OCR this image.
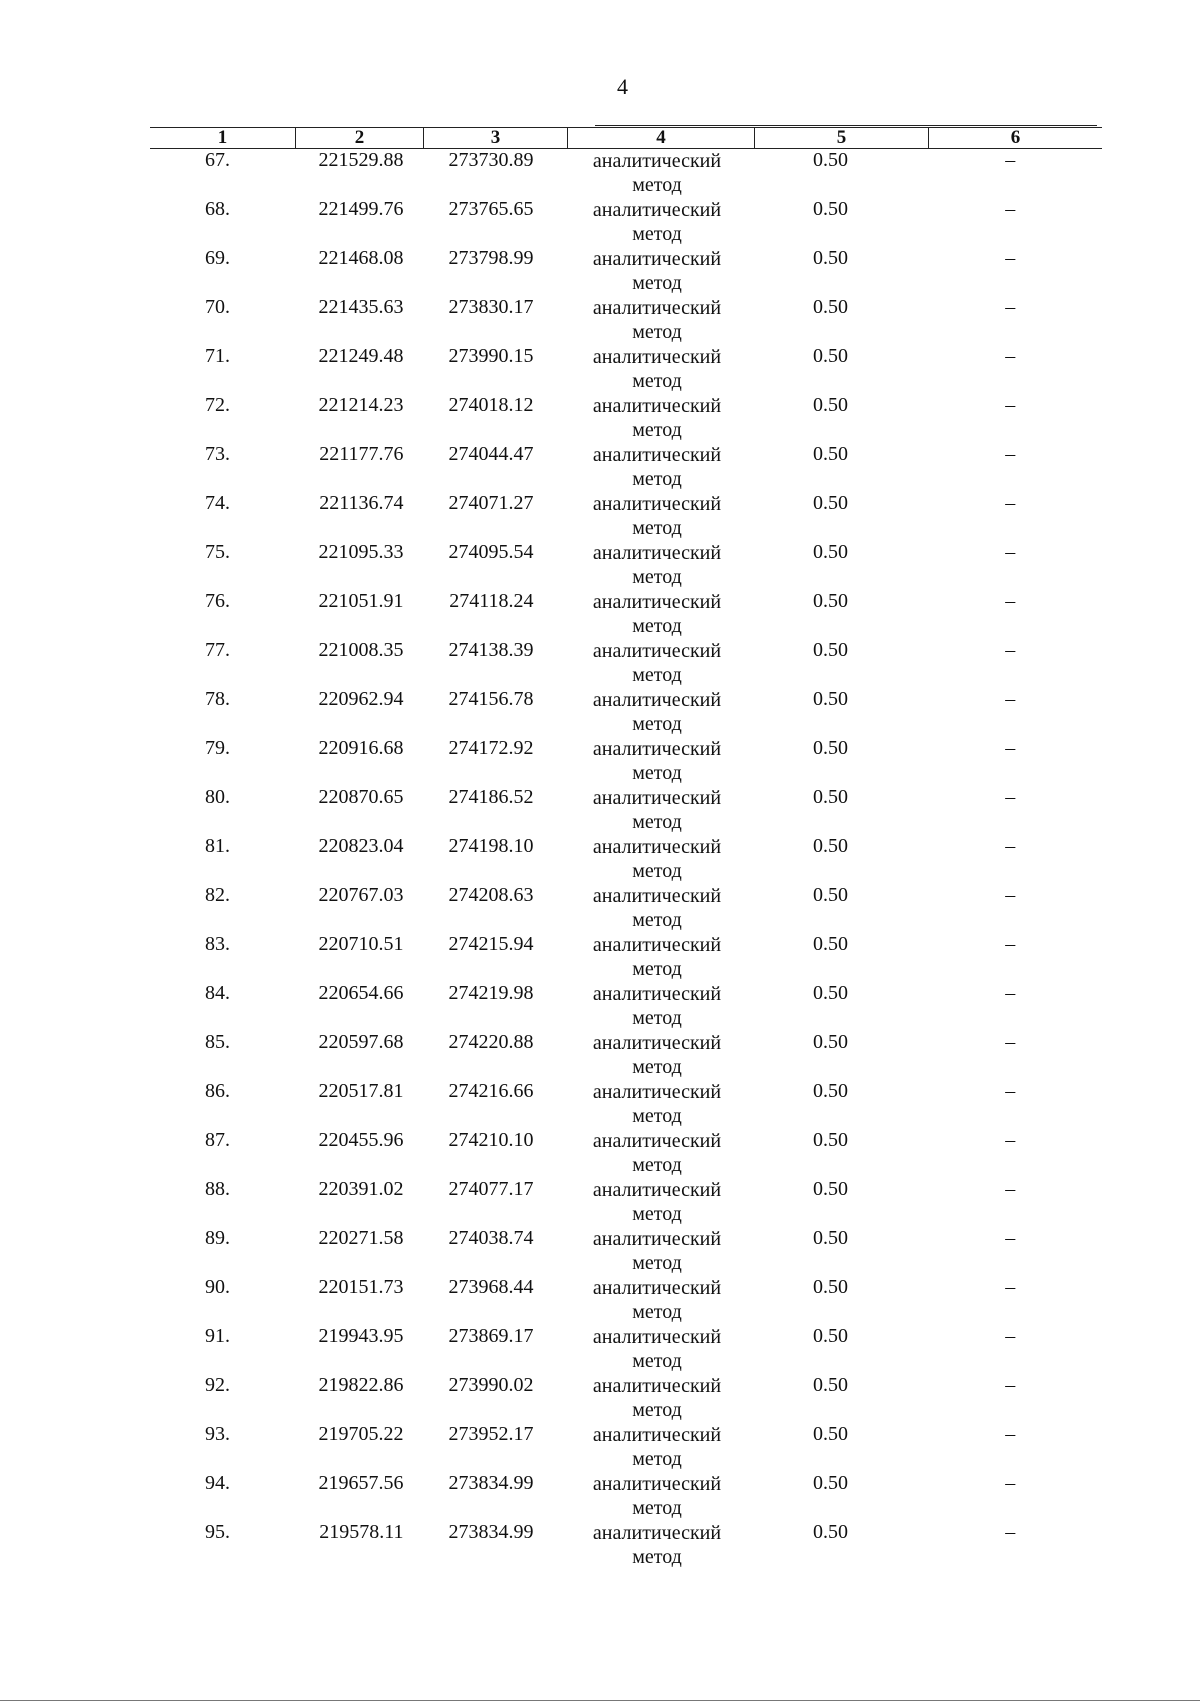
4
1	2	3	4	5	6
67.	221529.88	273730.89	аналитический метод	0.50	–
68.	221499.76	273765.65	аналитический метод	0.50	–
69.	221468.08	273798.99	аналитический метод	0.50	–
70.	221435.63	273830.17	аналитический метод	0.50	–
71.	221249.48	273990.15	аналитический метод	0.50	–
72.	221214.23	274018.12	аналитический метод	0.50	–
73.	221177.76	274044.47	аналитический метод	0.50	–
74.	221136.74	274071.27	аналитический метод	0.50	–
75.	221095.33	274095.54	аналитический метод	0.50	–
76.	221051.91	274118.24	аналитический метод	0.50	–
77.	221008.35	274138.39	аналитический метод	0.50	–
78.	220962.94	274156.78	аналитический метод	0.50	–
79.	220916.68	274172.92	аналитический метод	0.50	–
80.	220870.65	274186.52	аналитический метод	0.50	–
81.	220823.04	274198.10	аналитический метод	0.50	–
82.	220767.03	274208.63	аналитический метод	0.50	–
83.	220710.51	274215.94	аналитический метод	0.50	–
84.	220654.66	274219.98	аналитический метод	0.50	–
85.	220597.68	274220.88	аналитический метод	0.50	–
86.	220517.81	274216.66	аналитический метод	0.50	–
87.	220455.96	274210.10	аналитический метод	0.50	–
88.	220391.02	274077.17	аналитический метод	0.50	–
89.	220271.58	274038.74	аналитический метод	0.50	–
90.	220151.73	273968.44	аналитический метод	0.50	–
91.	219943.95	273869.17	аналитический метод	0.50	–
92.	219822.86	273990.02	аналитический метод	0.50	–
93.	219705.22	273952.17	аналитический метод	0.50	–
94.	219657.56	273834.99	аналитический метод	0.50	–
95.	219578.11	273834.99	аналитический метод	0.50	–
